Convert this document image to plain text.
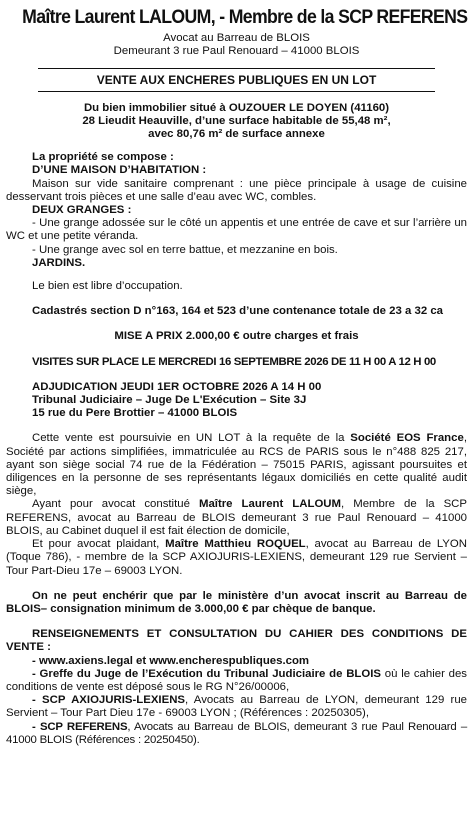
Maître Laurent LALOUM, - Membre de la SCP REFERENS
Avocat au Barreau de BLOIS
Demeurant 3 rue Paul Renouard – 41000 BLOIS
VENTE AUX ENCHERES PUBLIQUES EN UN LOT
Du bien immobilier situé à OUZOUER LE DOYEN (41160)
28 Lieudit Heauville, d’une surface habitable de 55,48 m²,
avec 80,76 m² de surface annexe
La propriété se compose :
D’UNE MAISON D’HABITATION :

Maison sur vide sanitaire comprenant : une pièce principale à usage de cuisine desservant trois pièces et une salle d’eau avec WC, combles.

DEUX GRANGES :

- Une grange adossée sur le côté un appentis et une entrée de cave et sur l’arrière un WC et une petite véranda.

- Une grange avec sol en terre battue, et mezzanine en bois.

JARDINS.
Le bien est libre d’occupation.
Cadastrés section D n°163, 164 et 523 d’une contenance totale de 23 a 32 ca
MISE A PRIX 2.000,00 € outre charges et frais
VISITES SUR PLACE LE MERCREDI 16 SEPTEMBRE 2026 DE 11 H 00 A 12 H 00
ADJUDICATION JEUDI 1ER OCTOBRE 2026 A 14 H 00
Tribunal Judiciaire – Juge De L'Exécution – Site 3J
15 rue du Pere Brottier – 41000 BLOIS

Cette vente est poursuivie en UN LOT à la requête de la Société EOS France, Société par actions simplifiées, immatriculée au RCS de PARIS sous le n°488 825 217, ayant son siège social 74 rue de la Fédération – 75015 PARIS, agissant poursuites et diligences en la personne de ses représentants légaux domiciliés en cette qualité audit siège,

Ayant pour avocat constitué Maître Laurent LALOUM, Membre de la SCP REFERENS, avocat au Barreau de BLOIS demeurant 3 rue Paul Renouard – 41000 BLOIS, au Cabinet duquel il est fait élection de domicile,

Et pour avocat plaidant, Maître Matthieu ROQUEL, avocat au Barreau de LYON (Toque 786), - membre de la SCP AXIOJURIS-LEXIENS, demeurant 129 rue Servient – Tour Part-Dieu 17e – 69003 LYON.

On ne peut enchérir que par le ministère d’un avocat inscrit au Barreau de BLOIS– consignation minimum de 3.000,00 € par chèque de banque.

RENSEIGNEMENTS ET CONSULTATION DU CAHIER DES CONDITIONS DE VENTE :

- www.axiens.legal et www.encherespubliques.com

- Greffe du Juge de l’Exécution du Tribunal Judiciaire de BLOIS où le cahier des conditions de vente est déposé sous le RG N°26/00006,

- SCP AXIOJURIS-LEXIENS, Avocats au Barreau de LYON, demeurant 129 rue Servient – Tour Part Dieu 17e - 69003 LYON ; (Références : 20250305),

- SCP REFERENS, Avocats au Barreau de BLOIS, demeurant 3 rue Paul Renouard – 41000 BLOIS (Références : 20250450).
